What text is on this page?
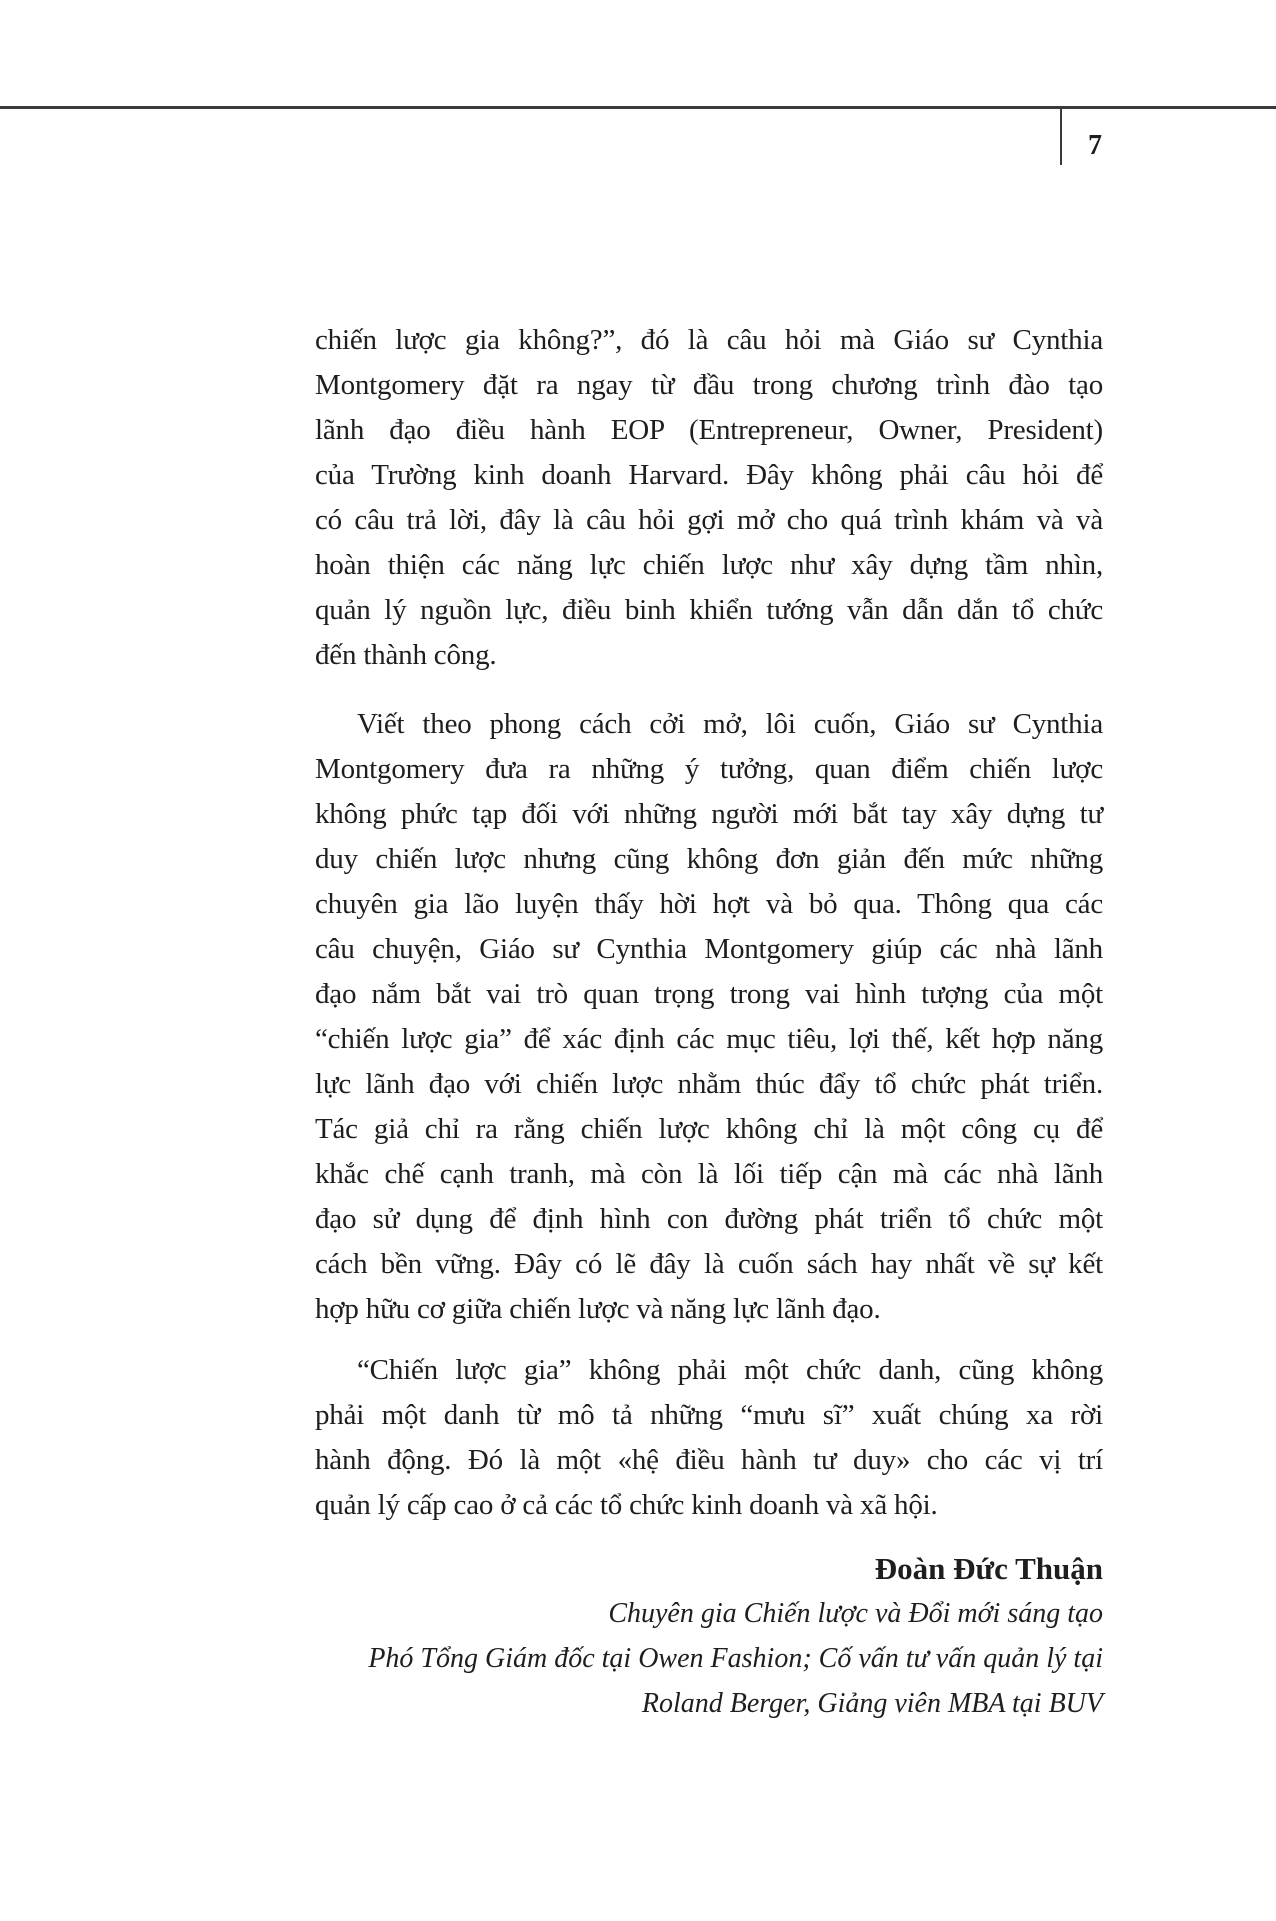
7
chiến lược gia không?”, đó là câu hỏi mà Giáo sư Cynthia
Montgomery đặt ra ngay từ đầu trong chương trình đào tạo
lãnh đạo điều hành EOP (Entrepreneur, Owner, President)
của Trường kinh doanh Harvard. Đây không phải câu hỏi để
có câu trả lời, đây là câu hỏi gợi mở cho quá trình khám và và
hoàn thiện các năng lực chiến lược như xây dựng tầm nhìn,
quản lý nguồn lực, điều binh khiển tướng vẫn dẫn dắn tổ chức
đến thành công.
Viết theo phong cách cởi mở, lôi cuốn, Giáo sư Cynthia
Montgomery đưa ra những ý tưởng, quan điểm chiến lược
không phức tạp đối với những người mới bắt tay xây dựng tư
duy chiến lược nhưng cũng không đơn giản đến mức những
chuyên gia lão luyện thấy hời hợt và bỏ qua. Thông qua các
câu chuyện, Giáo sư Cynthia Montgomery giúp các nhà lãnh
đạo nắm bắt vai trò quan trọng trong vai hình tượng của một
“chiến lược gia” để xác định các mục tiêu, lợi thế, kết hợp năng
lực lãnh đạo với chiến lược nhằm thúc đẩy tổ chức phát triển.
Tác giả chỉ ra rằng chiến lược không chỉ là một công cụ để
khắc chế cạnh tranh, mà còn là lối tiếp cận mà các nhà lãnh
đạo sử dụng để định hình con đường phát triển tổ chức một
cách bền vững. Đây có lẽ đây là cuốn sách hay nhất về sự kết
hợp hữu cơ giữa chiến lược và năng lực lãnh đạo.
“Chiến lược gia” không phải một chức danh, cũng không
phải một danh từ mô tả những “mưu sĩ” xuất chúng xa rời
hành động. Đó là một «hệ điều hành tư duy» cho các vị trí
quản lý cấp cao ở cả các tổ chức kinh doanh và xã hội.
Đoàn Đức Thuận
Chuyên gia Chiến lược và Đổi mới sáng tạo
Phó Tổng Giám đốc tại Owen Fashion; Cố vấn tư vấn quản lý tại
Roland Berger, Giảng viên MBA tại BUV
